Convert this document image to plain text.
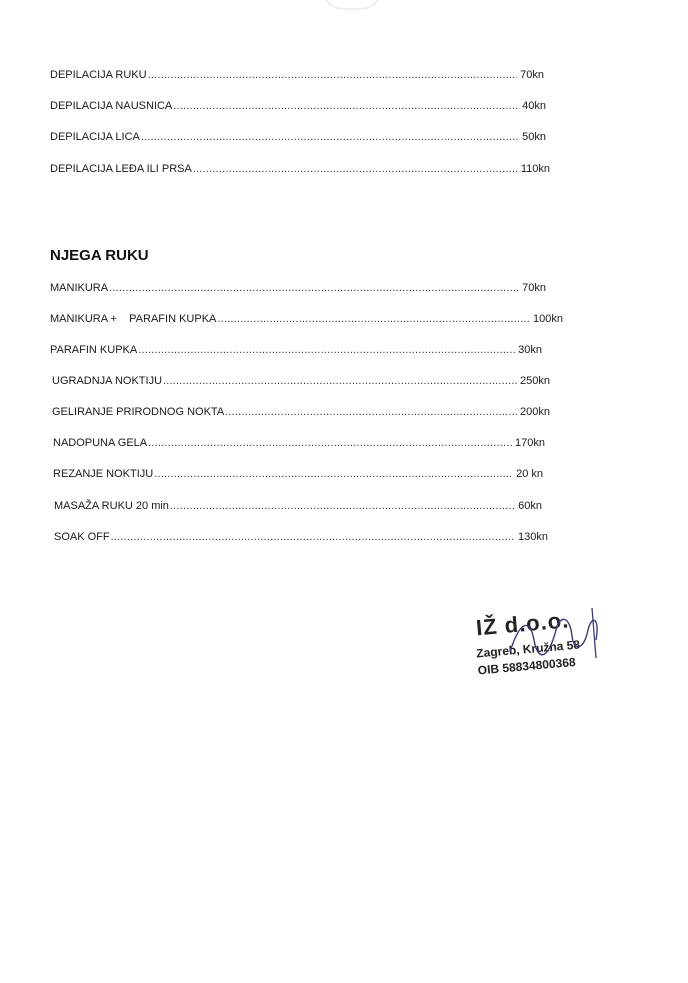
DEPILACIJA RUKU .....	70kn
DEPILACIJA NAUSNICA .....	40kn
DEPILACIJA LICA .....	50kn
DEPILACIJA LEĐA ILI PRSA .....	110kn
NJEGA RUKU
MANIKURA .....	70kn
MANIKURA +    PARAFIN KUPKA .....	100kn
PARAFIN KUPKA .....	30kn
UGRADNJA NOKTIJU .....	250kn
GELIRANJE PRIRODNOG NOKTA .....	200kn
NADOPUNA GELA .....	170kn
REZANJE NOKTIJU .....	20 kn
MASAŽA RUKU 20 min .....	60kn
SOAK OFF .....	130kn
IŽ d.o.o.
Zagreb, Kružna 58
OIB 58834800368
